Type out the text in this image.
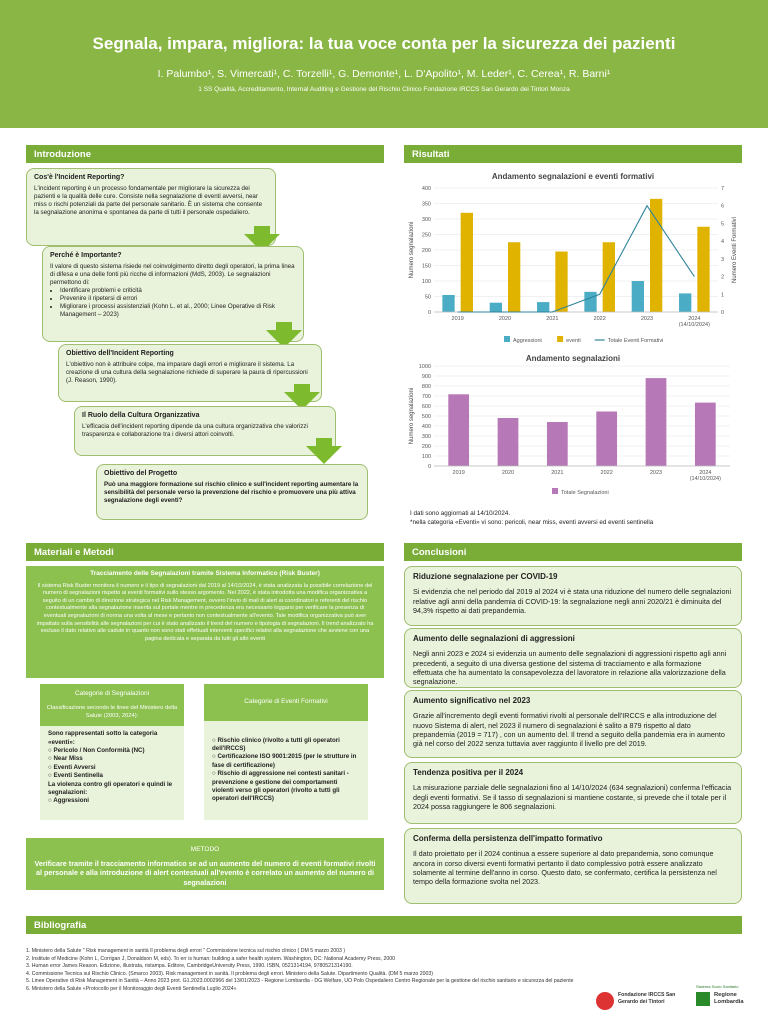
Segnala, impara, migliora: la tua voce conta per la sicurezza dei pazienti
I. Palumbo¹, S. Vimercati¹, C. Torzelli¹, G. Demonte¹, L. D'Apolito¹, M. Leder¹, C. Cerea¹, R. Barni¹
1 SS Qualità, Accreditamento, Internal Auditing e Gestione del Rischio Clinico Fondazione IRCCS San Gerardo dei Tintori Monza
Introduzione
Cos'è l'Incident Reporting?

L'incident reporting è un processo fondamentale per migliorare la sicurezza dei pazienti e la qualità delle cure. Consiste nella segnalazione di eventi avversi, near miss o rischi potenziali da parte del personale sanitario. È un sistema che consente la segnalazione anonima e spontanea da parte di tutti il personale ospedaliero.

Perché è Importante?

Il valore di questo sistema risiede nel coinvolgimento diretto degli operatori, la prima linea di difesa e una delle fonti più ricche di informazioni (MdS, 2003). Le segnalazioni permettono di:

• Identificare problemi e criticità
• Prevenire il ripetersi di errori
• Migliorare i processi assistenziali (Kohn L. et al., 2000; Linee Operative di Risk Management – 2023)
Obiettivo dell'Incident Reporting

L'obiettivo non è attribuire colpe, ma imparare dagli errori e migliorare il sistema. La creazione di una cultura della segnalazione richiede di superare la paura di ripercussioni (J. Reason, 1990).

Il Ruolo della Cultura Organizzativa

L'efficacia dell'incident reporting dipende da una cultura organizzativa che valorizzi trasparenza e collaborazione tra i diversi attori coinvolti.

Obiettivo del Progetto

Può una maggiore formazione sul rischio clinico e sull'incident reporting aumentare la sensibilità del personale verso la prevenzione del rischio e promuovere una più attiva segnalazione degli eventi?

Risultati
Andamento segnalazioni e eventi formativi
0
50
100
150
200
250
300
350
400
Numero segnalazioni
2019	2020	2021	2022	2023	2024
(14/10/2024)
0
1
2
3
4
5
6
7
Numero Eventi Formativi
Aggressioni	eventi	Totale Eventi Formativi
Andamento segnalazioni
0
100
200
300
400
500
600
700
800
900
1000
Numero segnalazioni
2019	2020	2021	2022	2023	2024
(14/10/2024)
Totale Segnalazioni
I dati sono aggiornati al 14/10/2024.
*nella categoria «Eventi» vi sono: pericoli, near miss, eventi avversi ed eventi sentinella
Materiali e Metodi
Tracciamento delle Segnalazioni tramite Sistema Informatico (Risk Buster)

Il sistema Risk Buster monitora il numero e il tipo di segnalazioni dal 2019 al 14/10/2024, è stata analizzata la possibile correlazione del numero di segnalazioni rispetto ai eventi formativi sullo stesso argomento. Nel 2022, è stata introdotta una modifica organizzativa a seguito di un cambio di direzione strategica nel Risk Management, ovvero l'invio di mail di alert ai coordinatori e referenti del rischio contestualmente alla segnalazione inserita sul portale mentre in precedenza era necessario loggarsi per verificare la presenza di eventuali segnalazioni di norma una volta al mese e pertanto non contestualmente all'evento. Tale modifica organizzativa può aver impattato sulla sensibilità alle segnalazioni per cui è stato analizzato il trend del numero e tipologia di segnalazioni. Il trend analizzato ha escluso il dato relativo alle cadute in quanto non sono stati effettuati interventi specifici relativi alla segnalazione che avviene con una pagina dedicata e separata da tutti gli altri eventi

Categorie di Segnalazioni
Classificazione secondo le linee del Ministero della Salute (2003, 2024):

Sono rappresentati sotto la categoria «eventi»:

○ Pericolo / Non Conformità (NC)
○ Near Miss
○ Eventi Avversi
○ Eventi Sentinella

La violenza contro gli operatori e quindi le segnalazioni:

○ Aggressioni
Categorie di Eventi Formativi
○ Rischio clinico (rivolto a tutti gli operatori dell'IRCCS)
○ Certificazione ISO 9001:2015 (per le strutture in fase di certificazione)
○ Rischio di aggressione nei contesti sanitari - prevenzione e gestione dei comportamenti violenti verso gli operatori (rivolto a tutti gli operatori dell'IRCCS)
METODO

Verificare tramite il tracciamento informatico se ad un aumento del numero di eventi formativi rivolti al personale e alla introduzione di alert contestuali all'evento è correlato un aumento del numero di segnalazioni

Conclusioni
Riduzione segnalazione per COVID-19

Si evidenzia che nel periodo dal 2019 al 2024 vi è stata una riduzione del numero delle segnalazioni relative agli anni della pandemia di COVID-19: la segnalazione negli anni 2020/21 è diminuita del 94,3% rispetto ai dati prepandemia.

Aumento delle segnalazioni di aggressioni

Negli anni 2023 e 2024 si evidenzia un aumento delle segnalazioni di aggressioni rispetto agli anni precedenti, a seguito di una diversa gestione del sistema di tracciamento e alla formazione effettuata che ha aumentato la consapevolezza del lavoratore in relazione alla valorizzazione della segnalazione.

Aumento significativo nel 2023

Grazie all'incremento degli eventi formativi rivolti al personale dell'IRCCS e alla introduzione del nuovo Sistema di alert, nel 2023 il numero di segnalazioni è salito a 879 rispetto al dato prepandemia (2019 = 717) , con un aumento del. Il trend a seguito della pandemia era in aumento già nel corso del 2022 senza tuttavia aver raggiunto il livello pre del 2019.

Tendenza positiva per il 2024

La misurazione parziale delle segnalazioni fino al 14/10/2024 (634 segnalazioni) conferma l'efficacia degli eventi formativi. Se il tasso di segnalazioni si mantiene costante, si prevede che il totale per il 2024 possa raggiungere le 806 segnalazioni.

Conferma della persistenza dell'impatto formativo

Il dato proiettato per il 2024 continua a essere superiore al dato prepandemia, sono comunque ancora in corso diversi eventi formativi pertanto il dato complessivo potrà essere analizzato solamente al termine dell'anno in corso. Questo dato, se confermato, certifica la persistenza nel tempo della formazione svolta nel 2023.

Bibliografia
1. Ministero della Salute " Risk management in sanità Il problema degli errori " Commissione tecnica sul rischio clinico ( DM 5 marzo 2003 )
2. Institute of Medicine (Kohn L, Corrigan J, Donaldson M, eds). To err is human: building a safer health system. Washington, DC: National Academy Press, 2000
3. Human error James Reason. Edizione, illustrata, ristampa. Editore, CambridgeUniversity Press, 1990. ISBN, 0521314194, 9780521314190.
4. Commissione Tecnica sul Rischio Clinico. (Smarco 2003). Risk management in sanità. Il problema degli errori. Ministero della Salute. Dipartimento Qualità. (DM 5 marzo 2003)
5. Linee Operative di Risk Management in Sanità – Anno 2023 prot. G1.2023.0002966 del 13/01/2023 - Regione Lombardia - DG Welfare, UO Polo Ospedaliero Centro Regionale per la gestione del rischio sanitario e sicurezza del paziente
6. Ministero della Salute «Protocollo per il Monitoraggio degli Eventi Sentinella Luglio 2024»
Fondazione IRCCS San Gerardo dei Tintori
Sistema Socio Sanitario
Regione Lombardia
